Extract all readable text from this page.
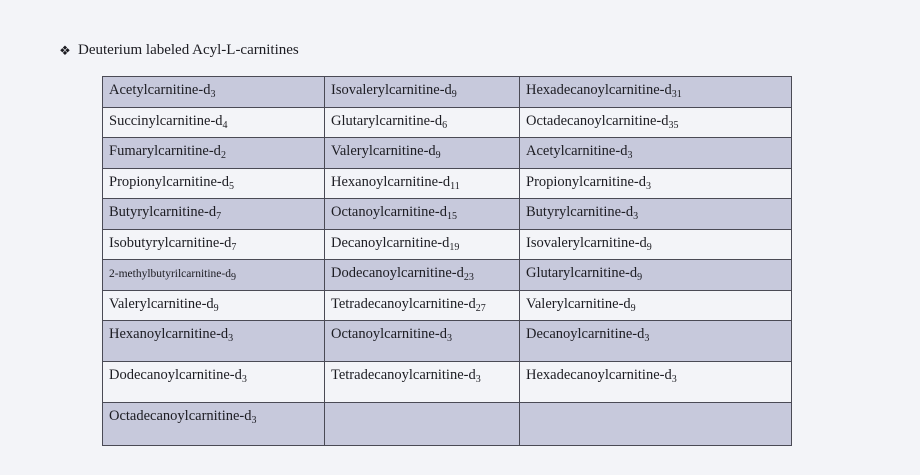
❖ Deuterium labeled Acyl-L-carnitines
Acetylcarnitine-$d_3$	Isovalerylcarnitine-$d_9$	Hexadecanoylcarnitine-$d_{31}$
Succinylcarnitine-$d_4$	Glutarylcarnitine-$d_6$	Octadecanoylcarnitine-$d_{35}$
Fumarylcarnitine-$d_2$	Valerylcarnitine-$d_9$	Acetylcarnitine-$d_3$
Propionylcarnitine-$d_5$	Hexanoylcarnitine-$d_{11}$	Propionylcarnitine-$d_3$
Butyrylcarnitine-$d_7$	Octanoylcarnitine-$d_{15}$	Butyrylcarnitine-$d_3$
Isobutyrylcarnitine-$d_7$	Decanoylcarnitine-$d_{19}$	Isovalerylcarnitine-$d_9$
$2-methylbutyrilcarnitine-d_9$	Dodecanoylcarnitine-$d_{23}$	Glutarylcarnitine-$d_9$
Valerylcarnitine-$d_9$	Tetradecanoylcarnitine-$d_{27}$	Valerylcarnitine-$d_9$
Hexanoylcarnitine-$d_3$	Octanoylcarnitine-$d_3$	Decanoylcarnitine-$d_3$
Dodecanoylcarnitine-$d_3$	Tetradecanoylcarnitine-$d_3$	Hexadecanoylcarnitine-$d_3$
Octadecanoylcarnitine-$d_3$		
